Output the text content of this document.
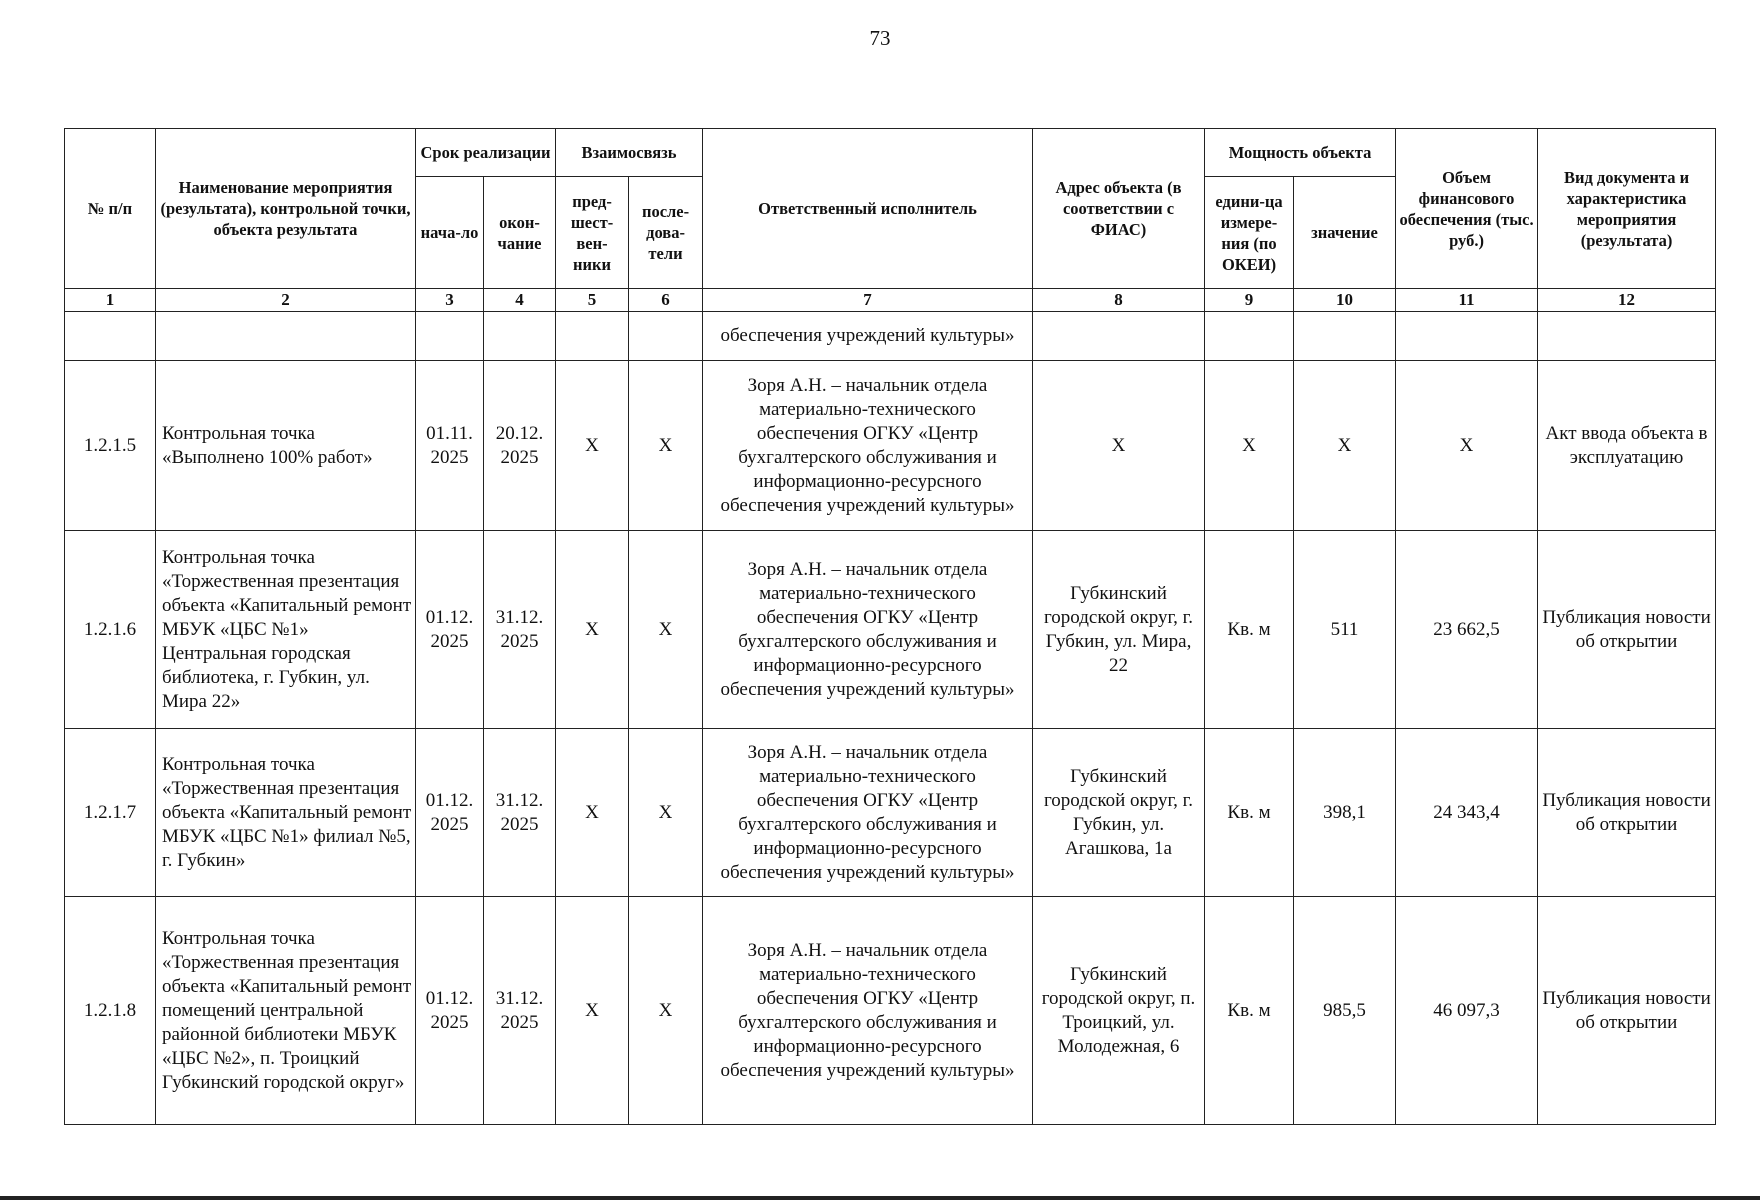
73
№ п/п	Наименование мероприятия (результата), контрольной точки, объекта результата	Срок реализации		Взаимосвязь		Ответственный исполнитель	Адрес объекта (в соответствии с ФИАС)	Мощность объекта		Объем финансового обеспечения (тыс. руб.)	Вид документа и характеристика мероприятия (результата)
		нача-ло	окон-чание	пред-шест-вен-ники	после-дова-тели			едини-ца измере-ния (по ОКЕИ)	значение		
1	2	3	4	5	6	7	8	9	10	11	12
						обеспечения учреждений культуры»					
1.2.1.5	Контрольная точка «Выполнено 100% работ»	01.11. 2025	20.12. 2025	X	X	Зоря А.Н. – начальник отдела материально-технического обеспечения ОГКУ «Центр бухгалтерского обслуживания и информационно-ресурсного обеспечения учреждений культуры»	X	X	X	X	Акт ввода объекта в эксплуатацию
1.2.1.6	Контрольная точка «Торжественная презентация объекта «Капитальный ремонт МБУК «ЦБС №1» Центральная городская библиотека, г. Губкин, ул. Мира 22»	01.12. 2025	31.12. 2025	X	X	Зоря А.Н. – начальник отдела материально-технического обеспечения ОГКУ «Центр бухгалтерского обслуживания и информационно-ресурсного обеспечения учреждений культуры»	Губкинский городской округ, г. Губкин, ул. Мира, 22	Кв. м	511	23 662,5	Публикация новости об открытии
1.2.1.7	Контрольная точка «Торжественная презентация объекта «Капитальный ремонт МБУК «ЦБС №1» филиал №5, г. Губкин»	01.12. 2025	31.12. 2025	X	X	Зоря А.Н. – начальник отдела материально-технического обеспечения ОГКУ «Центр бухгалтерского обслуживания и информационно-ресурсного обеспечения учреждений культуры»	Губкинский городской округ, г. Губкин, ул. Агашкова, 1а	Кв. м	398,1	24 343,4	Публикация новости об открытии
1.2.1.8	Контрольная точка «Торжественная презентация объекта «Капитальный ремонт помещений центральной районной библиотеки МБУК «ЦБС №2», п. Троицкий Губкинский городской округ»	01.12. 2025	31.12. 2025	X	X	Зоря А.Н. – начальник отдела материально-технического обеспечения ОГКУ «Центр бухгалтерского обслуживания и информационно-ресурсного обеспечения учреждений культуры»	Губкинский городской округ, п. Троицкий, ул. Молодежная, 6	Кв. м	985,5	46 097,3	Публикация новости об открытии
